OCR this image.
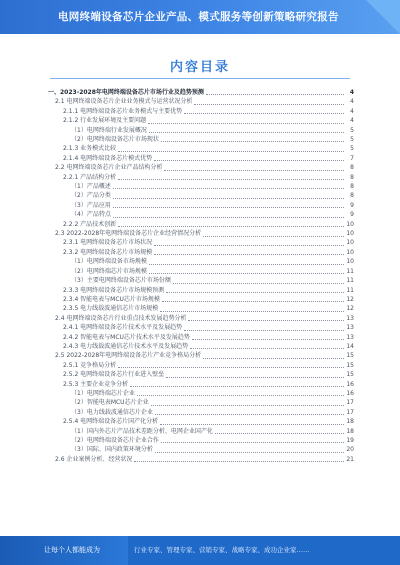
电网终端设备芯片企业产品、模式服务等创新策略研究报告
内容目录
一、2023-2028年电网终端设备芯片市场行业及趋势预测	4
2.1 电网终端设备芯片企业业务模式与运营状况分析	4
2.1.1 电网终端设备芯片业务模式与主要优势	4
2.1.2 行业发展环境及主要问题	4
（1）电网终端行业发展概况	5
（2）电网终端设备芯片市场现状	5
2.1.3 业务模式比较	5
2.1.4 电网终端设备芯片模式优势	7
2.2 电网终端设备芯片企业产品结构分析	8
2.2.1 产品结构分析	8
（1）产品概述	8
（2）产品分类	8
（3）产品应用	9
（4）产品特点	9
2.2.2 产品技术创新	10
2.3 2022-2028年电网终端设备芯片企业经营情况分析	10
2.3.1 电网终端设备芯片市场状况	10
2.3.2 电网终端设备芯片市场规模	10
（1）电网终端设备市场规模	10
（2）电网终端芯片市场规模	11
（3）主要电网终端设备芯片市场份额	11
2.3.3 电网终端设备芯片市场规模预测	11
2.3.4 智能电表与MCU芯片市场规模	12
2.3.5 电力线载波通信芯片市场规模	12
2.4 电网终端设备芯片行业重点技术发展趋势分析	13
2.4.1 电网终端设备芯片技术水平及发展趋势	13
2.4.2 智能电表与MCU芯片技术水平及发展趋势	13
2.4.3 电力线载波通信芯片技术水平及发展趋势	14
2.5 2022-2028年电网终端设备芯片产业竞争格局分析	15
2.5.1 竞争格局分析	15
2.5.2 电网终端设备芯片行业进入壁垒	15
2.5.3 主要企业竞争分析	16
（1）电网终端芯片企业	16
（2）智能电表MCU芯片企业	17
（3）电力线载波通信芯片企业	17
2.5.4 电网终端设备芯片国产化分析	18
（1）国内外芯片产品技术差距分析、电网企业国产化	18
（2）电网终端设备芯片企业合作	19
（3）国际、国内政策环境分析	20
2.6 企业案例分析、经营状况	21
让每个人都能成为	行业专家、管理专家、营销专家、战略专家、成功企业家……
